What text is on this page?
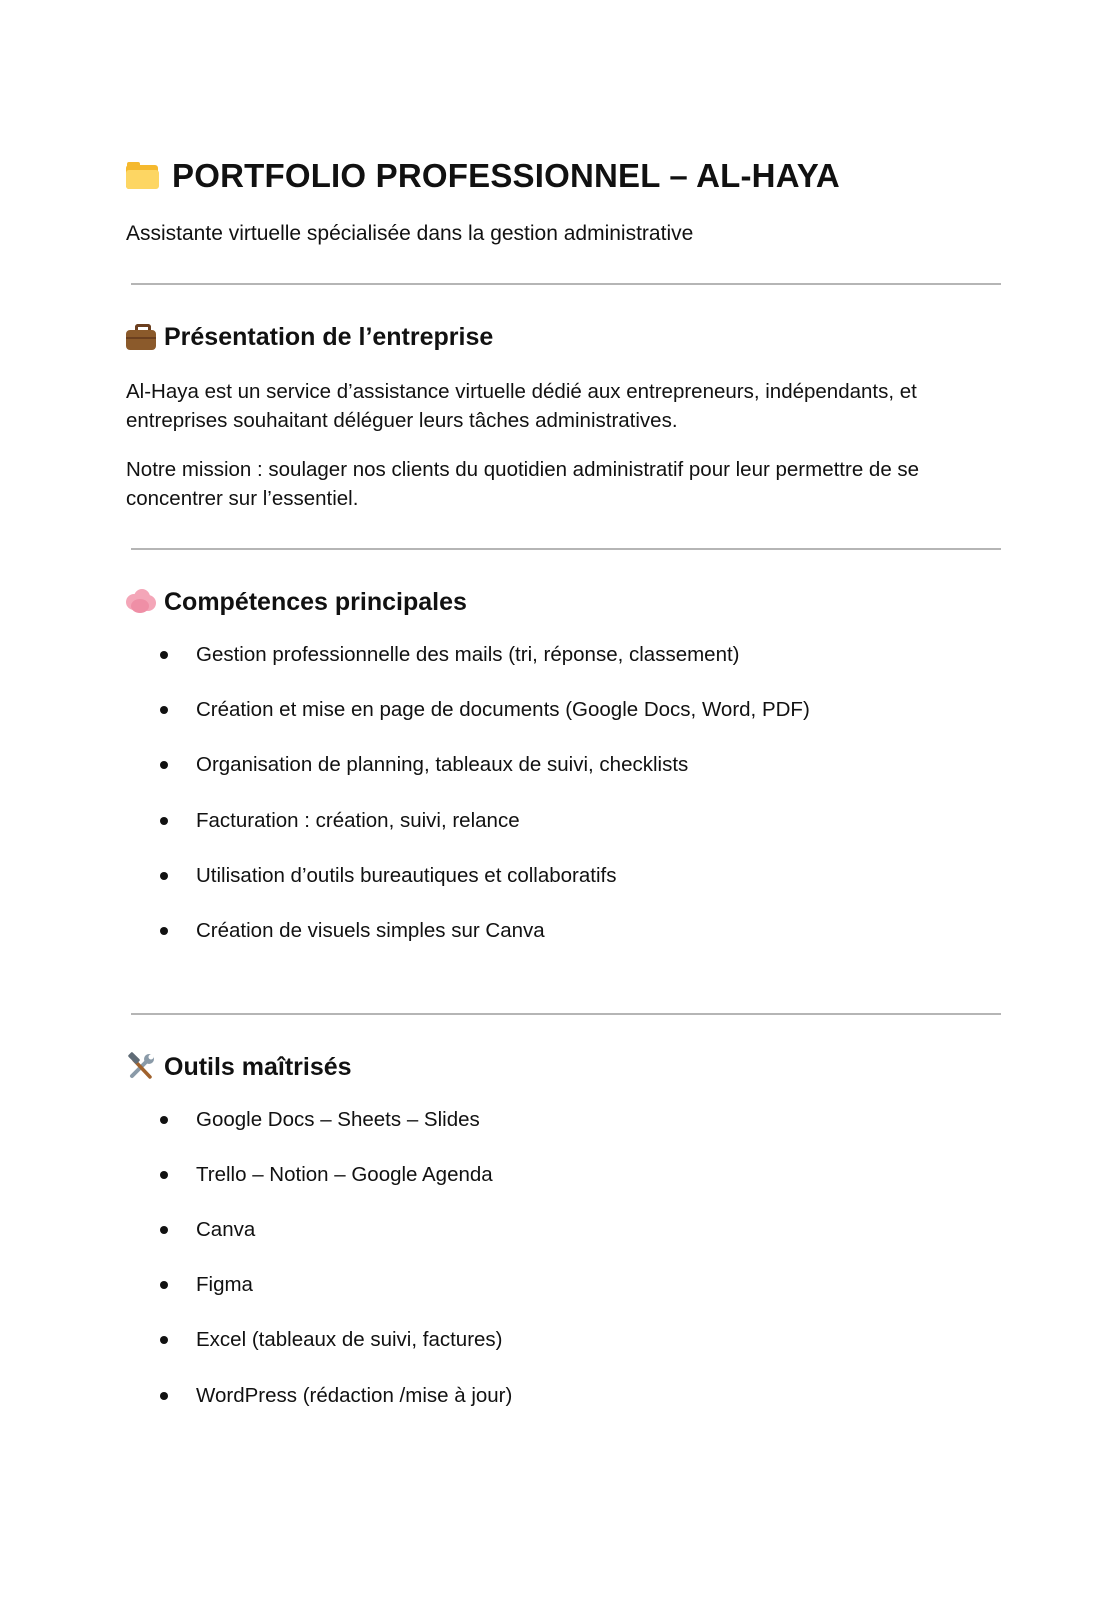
PORTFOLIO PROFESSIONNEL – AL-HAYA
Assistante virtuelle spécialisée dans la gestion administrative
Présentation de l’entreprise
Al-Haya est un service d’assistance virtuelle dédié aux entrepreneurs, indépendants, et entreprises souhaitant déléguer leurs tâches administratives.
Notre mission : soulager nos clients du quotidien administratif pour leur permettre de se concentrer sur l’essentiel.
Compétences principales
Gestion professionnelle des mails (tri, réponse, classement)
Création et mise en page de documents (Google Docs, Word, PDF)
Organisation de planning, tableaux de suivi, checklists
Facturation : création, suivi, relance
Utilisation d’outils bureautiques et collaboratifs
Création de visuels simples sur Canva
Outils maîtrisés
Google Docs – Sheets – Slides
Trello – Notion – Google Agenda
Canva
Figma
Excel (tableaux de suivi, factures)
WordPress (rédaction /mise à jour)
